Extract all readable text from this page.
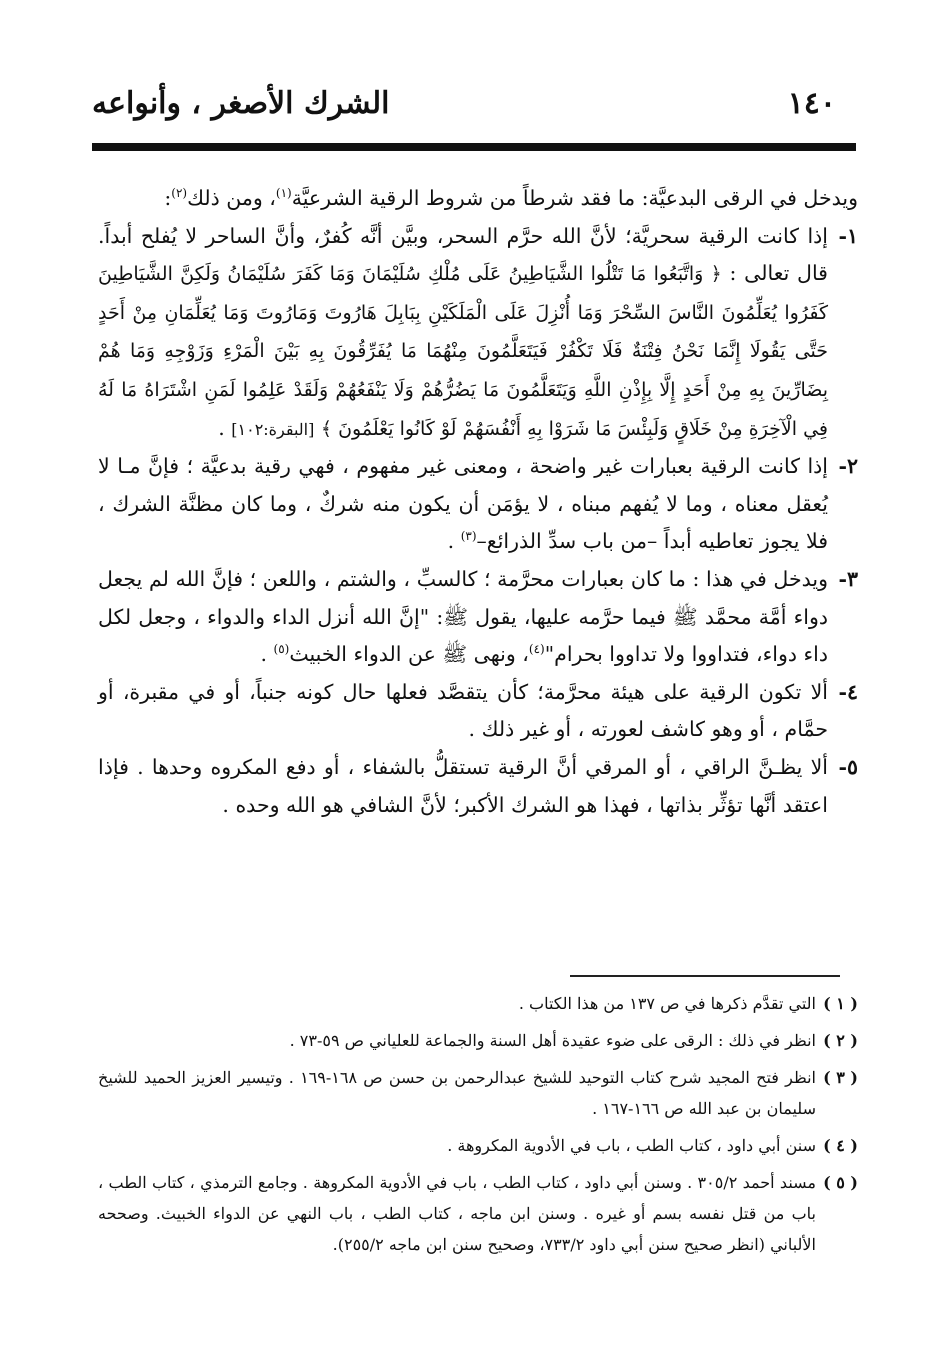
١٤٠
الشرك الأصغر ، وأنواعه

ويدخل في الرقى البدعيَّة: ما فقد شرطاً من شروط الرقية الشرعيَّة$^{(١)}$، ومن ذلك$^{(٢)}$:

١-
إذا كانت الرقية سحريَّة؛ لأنَّ الله حرَّم السحر، وبيَّن أنَّه كُفرٌ، وأنَّ الساحر لا يُفلح أبداً. قال تعالى : ﴿ وَاتَّبَعُوا مَا تَتْلُوا الشَّيَاطِينُ عَلَى مُلْكِ سُلَيْمَانَ وَمَا كَفَرَ سُلَيْمَانُ وَلَكِنَّ الشَّيَاطِينَ كَفَرُوا يُعَلِّمُونَ النَّاسَ السِّحْرَ وَمَا أُنْزِلَ عَلَى الْمَلَكَيْنِ بِبَابِلَ هَارُوتَ وَمَارُوتَ وَمَا يُعَلِّمَانِ مِنْ أَحَدٍ حَتَّى يَقُولَا إِنَّمَا نَحْنُ فِتْنَةٌ فَلَا تَكْفُرْ فَيَتَعَلَّمُونَ مِنْهُمَا مَا يُفَرِّقُونَ بِهِ بَيْنَ الْمَرْءِ وَزَوْجِهِ وَمَا هُمْ بِضَارِّينَ بِهِ مِنْ أَحَدٍ إِلَّا بِإِذْنِ اللَّهِ وَيَتَعَلَّمُونَ مَا يَضُرُّهُمْ وَلَا يَنْفَعُهُمْ وَلَقَدْ عَلِمُوا لَمَنِ اشْتَرَاهُ مَا لَهُ فِي الْآخِرَةِ مِنْ خَلَاقٍ وَلَبِئْسَ مَا شَرَوْا بِهِ أَنْفُسَهُمْ لَوْ كَانُوا يَعْلَمُونَ ﴾ [البقرة:١٠٢] .

٢-
إذا كانت الرقية بعبارات غير واضحة ، ومعنى غير مفهوم ، فهي رقية بدعيَّة ؛ فإنَّ مـا لا يُعقل معناه ، وما لا يُفهم مبناه ، لا يؤمَن أن يكون منه شركٌ ، وما كان مظنَّة الشرك ، فلا يجوز تعاطيه أبداً –من باب سدِّ الذرائع–$^{(٣)}$ .

٣-
ويدخل في هذا : ما كان بعبارات محرَّمة ؛ كالسبِّ ، والشتم ، واللعن ؛ فإنَّ الله لم يجعل دواء أمَّة محمَّد ﷺ فيما حرَّمه عليها، يقول ﷺ: "إنَّ الله أنزل الداء والدواء ، وجعل لكل داء دواء، فتداووا ولا تداووا بحرام"$^{(٤)}$، ونهى ﷺ عن الدواء الخبيث$^{(٥)}$ .

٤-
ألا تكون الرقية على هيئة محرَّمة؛ كأن يتقصَّد فعلها حال كونه جنباً، أو في مقبرة، أو حمَّام ، أو وهو كاشف لعورته ، أو غير ذلك .

٥-
ألا يظـنَّ الراقي ، أو المرقي أنَّ الرقية تستقلُّ بالشفاء ، أو دفع المكروه وحدها . فإذا اعتقد أنَّها تؤثِّر بذاتها ، فهذا هو الشرك الأكبر؛ لأنَّ الشافي هو الله وحده .

( ١ )
التي تقدَّم ذكرها في ص ١٣٧ من هذا الكتاب .

( ٢ )
انظر في ذلك : الرقى على ضوء عقيدة أهل السنة والجماعة للعلياني ص ٥٩-٧٣ .

( ٣ )
انظر فتح المجيد شرح كتاب التوحيد للشيخ عبدالرحمن بن حسن ص ١٦٨-١٦٩ . وتيسير العزيز الحميد للشيخ سليمان بن عبد الله ص ١٦٦-١٦٧ .

( ٤ )
سنن أبي داود ، كتاب الطب ، باب في الأدوية المكروهة .

( ٥ )
مسند أحمد ٣٠٥/٢ . وسنن أبي داود ، كتاب الطب ، باب في الأدوية المكروهة . وجامع الترمذي ، كتاب الطب ، باب من قتل نفسه بسم أو غيره . وسنن ابن ماجه ، كتاب الطب ، باب النهي عن الدواء الخبيث. وصححه الألباني (انظر صحيح سنن أبي داود ٧٣٣/٢، وصحيح سنن ابن ماجه ٢٥٥/٢).
